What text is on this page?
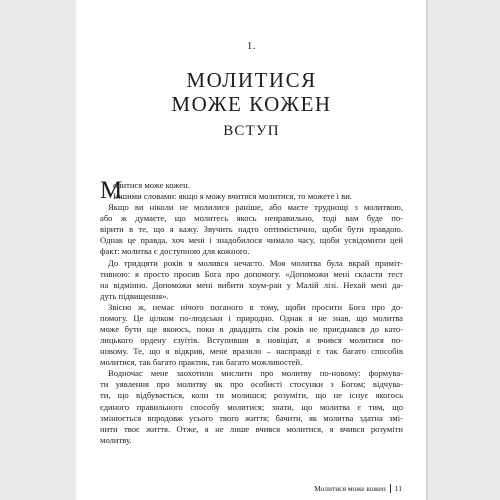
1.
МОЛИТИСЯ
МОЖЕ КОЖЕН
ВСТУП
М
олитися може кожен.
Іншими словами: якщо я можу вчитися молитися, то можете і ви.
Якщо ви ніколи не молилися раніше, або маєте труднощі з молитвою,
або ж думаєте, що молитесь якось неправильно, тоді вам буде по-
вірити в те, що я кажу. Звучить надто оптимістично, щоби бути правдою.
Однак це правда, хоч мені і знадобилося чимало часу, щоби усвідомити цей
факт: молитва є доступною для кожного.
До тридцяти років я молився нечасто. Моя молитва була вкрай приміт-
тивною: я просто просив Бога про допомогу. «Допоможи мені скласти тест
на відмінно. Допоможи мені вибити хоум-ран у Малій лізі. Нехай мені да-
дуть підвищення».
Звісно ж, немає нічого поганого в тому, щоби просити Бога про до-
помогу. Це цілком по-людськи і природно. Однак я не знав, що молитва
може бути ще якоюсь, поки в двадцять сім років не приєднався до като-
лицького ордену єзуїтів. Вступивши в новіціат, я вчився молитися по-
новому. Те, що я відкрив, мене вразило – насправді є так багато способів
молитися, так багато практик, так багато можливостей.
Водночас мене заохотили мислити про молитву по-новому: формува-
ти уявлення про молитву як про особисті стосунки з Богом; відчува-
ти, що відбувається, коли ти молишся; розуміти, що не існує якогось
єдиного правильного способу молитися; знати, що молитва є тим, що
змінюється впродовж усього твого життя; бачити, як молитва здатна змі-
нити твоє життя. Отже, я не лише вчився молитися, я вчився розуміти
молитву.
Молитися може кожен 11
